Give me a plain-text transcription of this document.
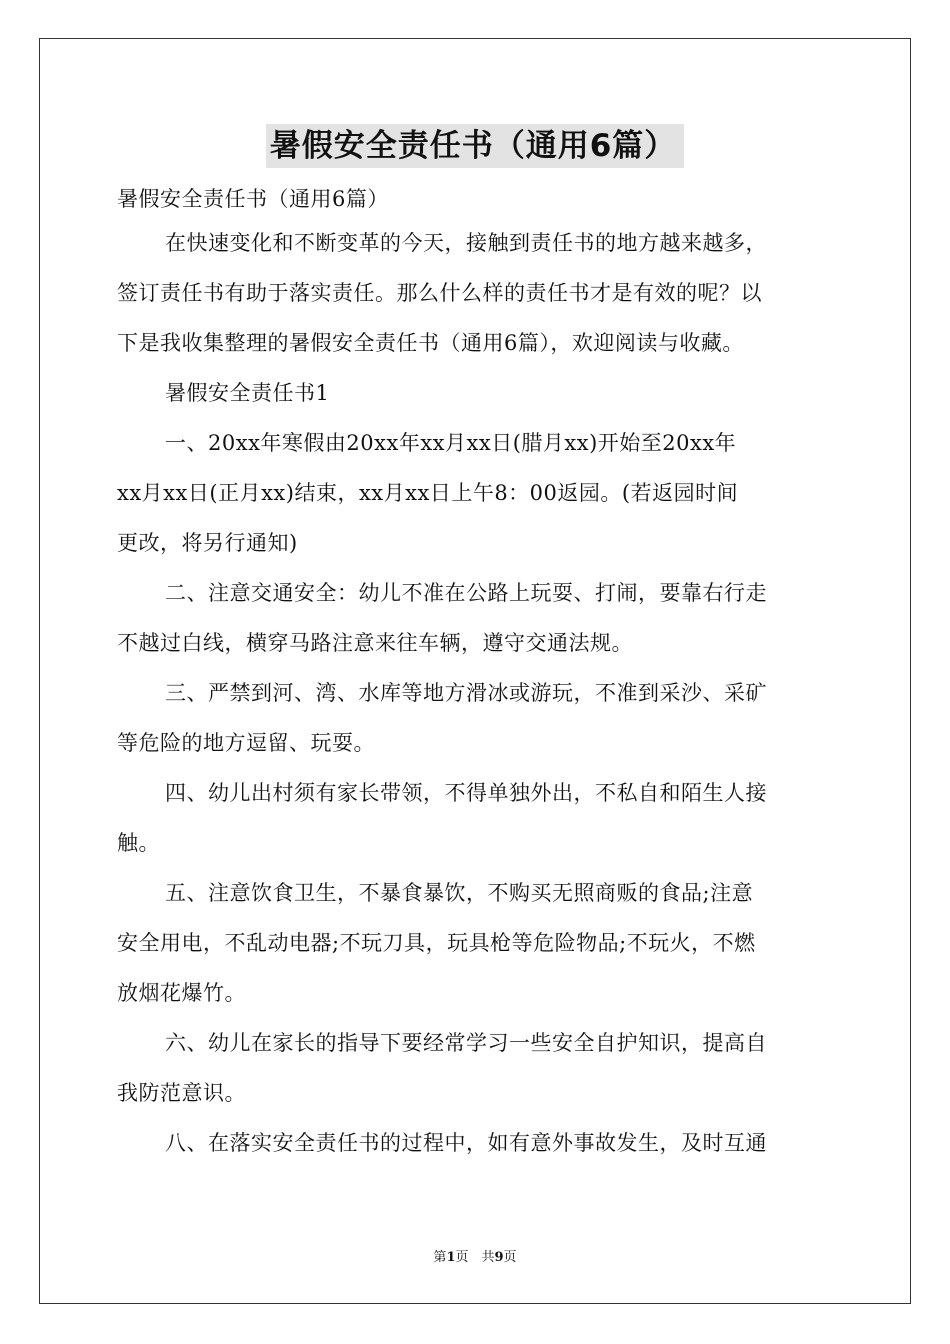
暑假安全责任书（通用6篇）
暑假安全责任书（通用6篇）
在快速变化和不断变革的今天，接触到责任书的地方越来越多，
签订责任书有助于落实责任。那么什么样的责任书才是有效的呢？以
下是我收集整理的暑假安全责任书（通用6篇），欢迎阅读与收藏。
暑假安全责任书1
一、20xx年寒假由20xx年xx月xx日(腊月xx)开始至20xx年
xx月xx日(正月xx)结束，xx月xx日上午8：00返园。(若返园时间
更改，将另行通知)
二、注意交通安全：幼儿不准在公路上玩耍、打闹，要靠右行走
不越过白线，横穿马路注意来往车辆，遵守交通法规。
三、严禁到河、湾、水库等地方滑冰或游玩，不准到采沙、采矿
等危险的地方逗留、玩耍。
四、幼儿出村须有家长带领，不得单独外出，不私自和陌生人接
触。
五、注意饮食卫生，不暴食暴饮，不购买无照商贩的食品;注意
安全用电，不乱动电器;不玩刀具，玩具枪等危险物品;不玩火，不燃
放烟花爆竹。
六、幼儿在家长的指导下要经常学习一些安全自护知识，提高自
我防范意识。
八、在落实安全责任书的过程中，如有意外事故发生，及时互通
第1页　共9页
